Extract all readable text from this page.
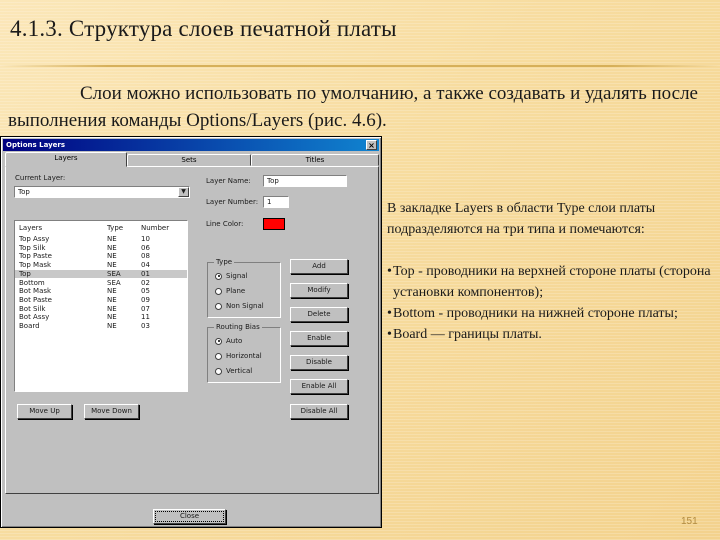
4.1.3. Структура слоев печатной платы
Слои можно использовать по умолчанию, а также создавать и удалять после выполнения команды Options/Layers (рис. 4.6).
Options Layers	×
Layers	Sets	Titles
Current Layer:
Top	▼
Layers	Type	Number
Top Assy	NE	10
Top Silk	NE	06
Top Paste	NE	08
Top Mask	NE	04
Top	SEA	01
Bottom	SEA	02
Bot Mask	NE	05
Bot Paste	NE	09
Bot Silk	NE	07
Bot Assy	NE	11
Board	NE	03
Layer Name:	Top
Layer Number:	1
Line Color:
Type
Signal
Plane
Non Signal
Routing Bias
Auto
Horizontal
Vertical
Add
Modify
Delete
Enable
Disable
Enable All
Disable All
Move Up	Move Down
Close

В закладке Layers в области Type слои платы подразделяются на три типа и помечаются:

• Top - проводники на верхней стороне платы (сторона установки компонентов);
• Bottom - проводники на нижней стороне платы;
• Board — границы платы.
151
